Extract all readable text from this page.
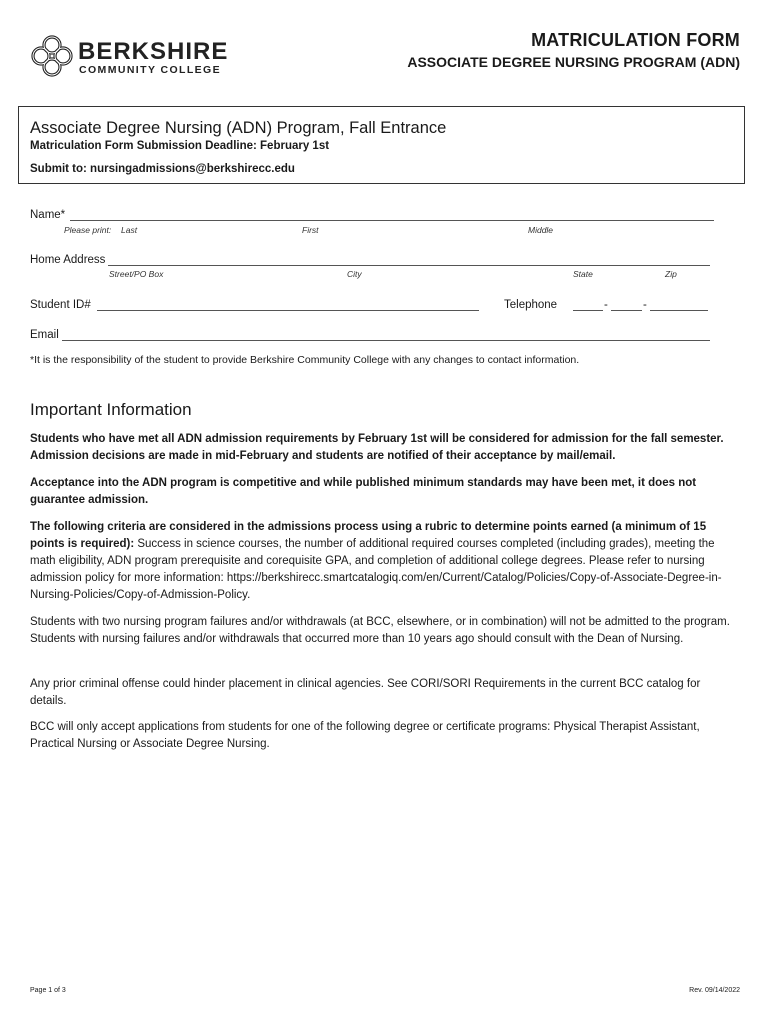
BERKSHIRE
COMMUNITY COLLEGE
MATRICULATION FORM
ASSOCIATE DEGREE NURSING PROGRAM (ADN)
Associate Degree Nursing (ADN) Program, Fall Entrance
Matriculation Form Submission Deadline: February 1st
Submit to: nursingadmissions@berkshirecc.edu
Name*
Please print: Last	First	Middle
Home Address
Street/PO Box	City	State	Zip
Student ID#	Telephone	-	-
Email
*It is the responsibility of the student to provide Berkshire Community College with any changes to contact information.
Important Information

Students who have met all ADN admission requirements by February 1st will be considered for admission for the fall semester. Admission decisions are made in mid-February and students are notified of their acceptance by mail/email.

Acceptance into the ADN program is competitive and while published minimum standards may have been met, it does not guarantee admission.

The following criteria are considered in the admissions process using a rubric to determine points earned (a minimum of 15 points is required): Success in science courses, the number of additional required courses completed (including grades), meeting the math eligibility, ADN program prerequisite and corequisite GPA, and completion of additional college degrees. Please refer to nursing admission policy for more information: https://berkshirecc.smartcatalogiq.com/en/Current/Catalog/Policies/Copy-of-Associate-Degree-in-Nursing-Policies/Copy-of-Admission-Policy.

Students with two nursing program failures and/or withdrawals (at BCC, elsewhere, or in combination) will not be admitted to the program. Students with nursing failures and/or withdrawals that occurred more than 10 years ago should consult with the Dean of Nursing.

Any prior criminal offense could hinder placement in clinical agencies. See CORI/SORI Requirements in the current BCC catalog for details.

BCC will only accept applications from students for one of the following degree or certificate programs: Physical Therapist Assistant, Practical Nursing or Associate Degree Nursing.

Page 1 of 3	Rev. 09/14/2022
